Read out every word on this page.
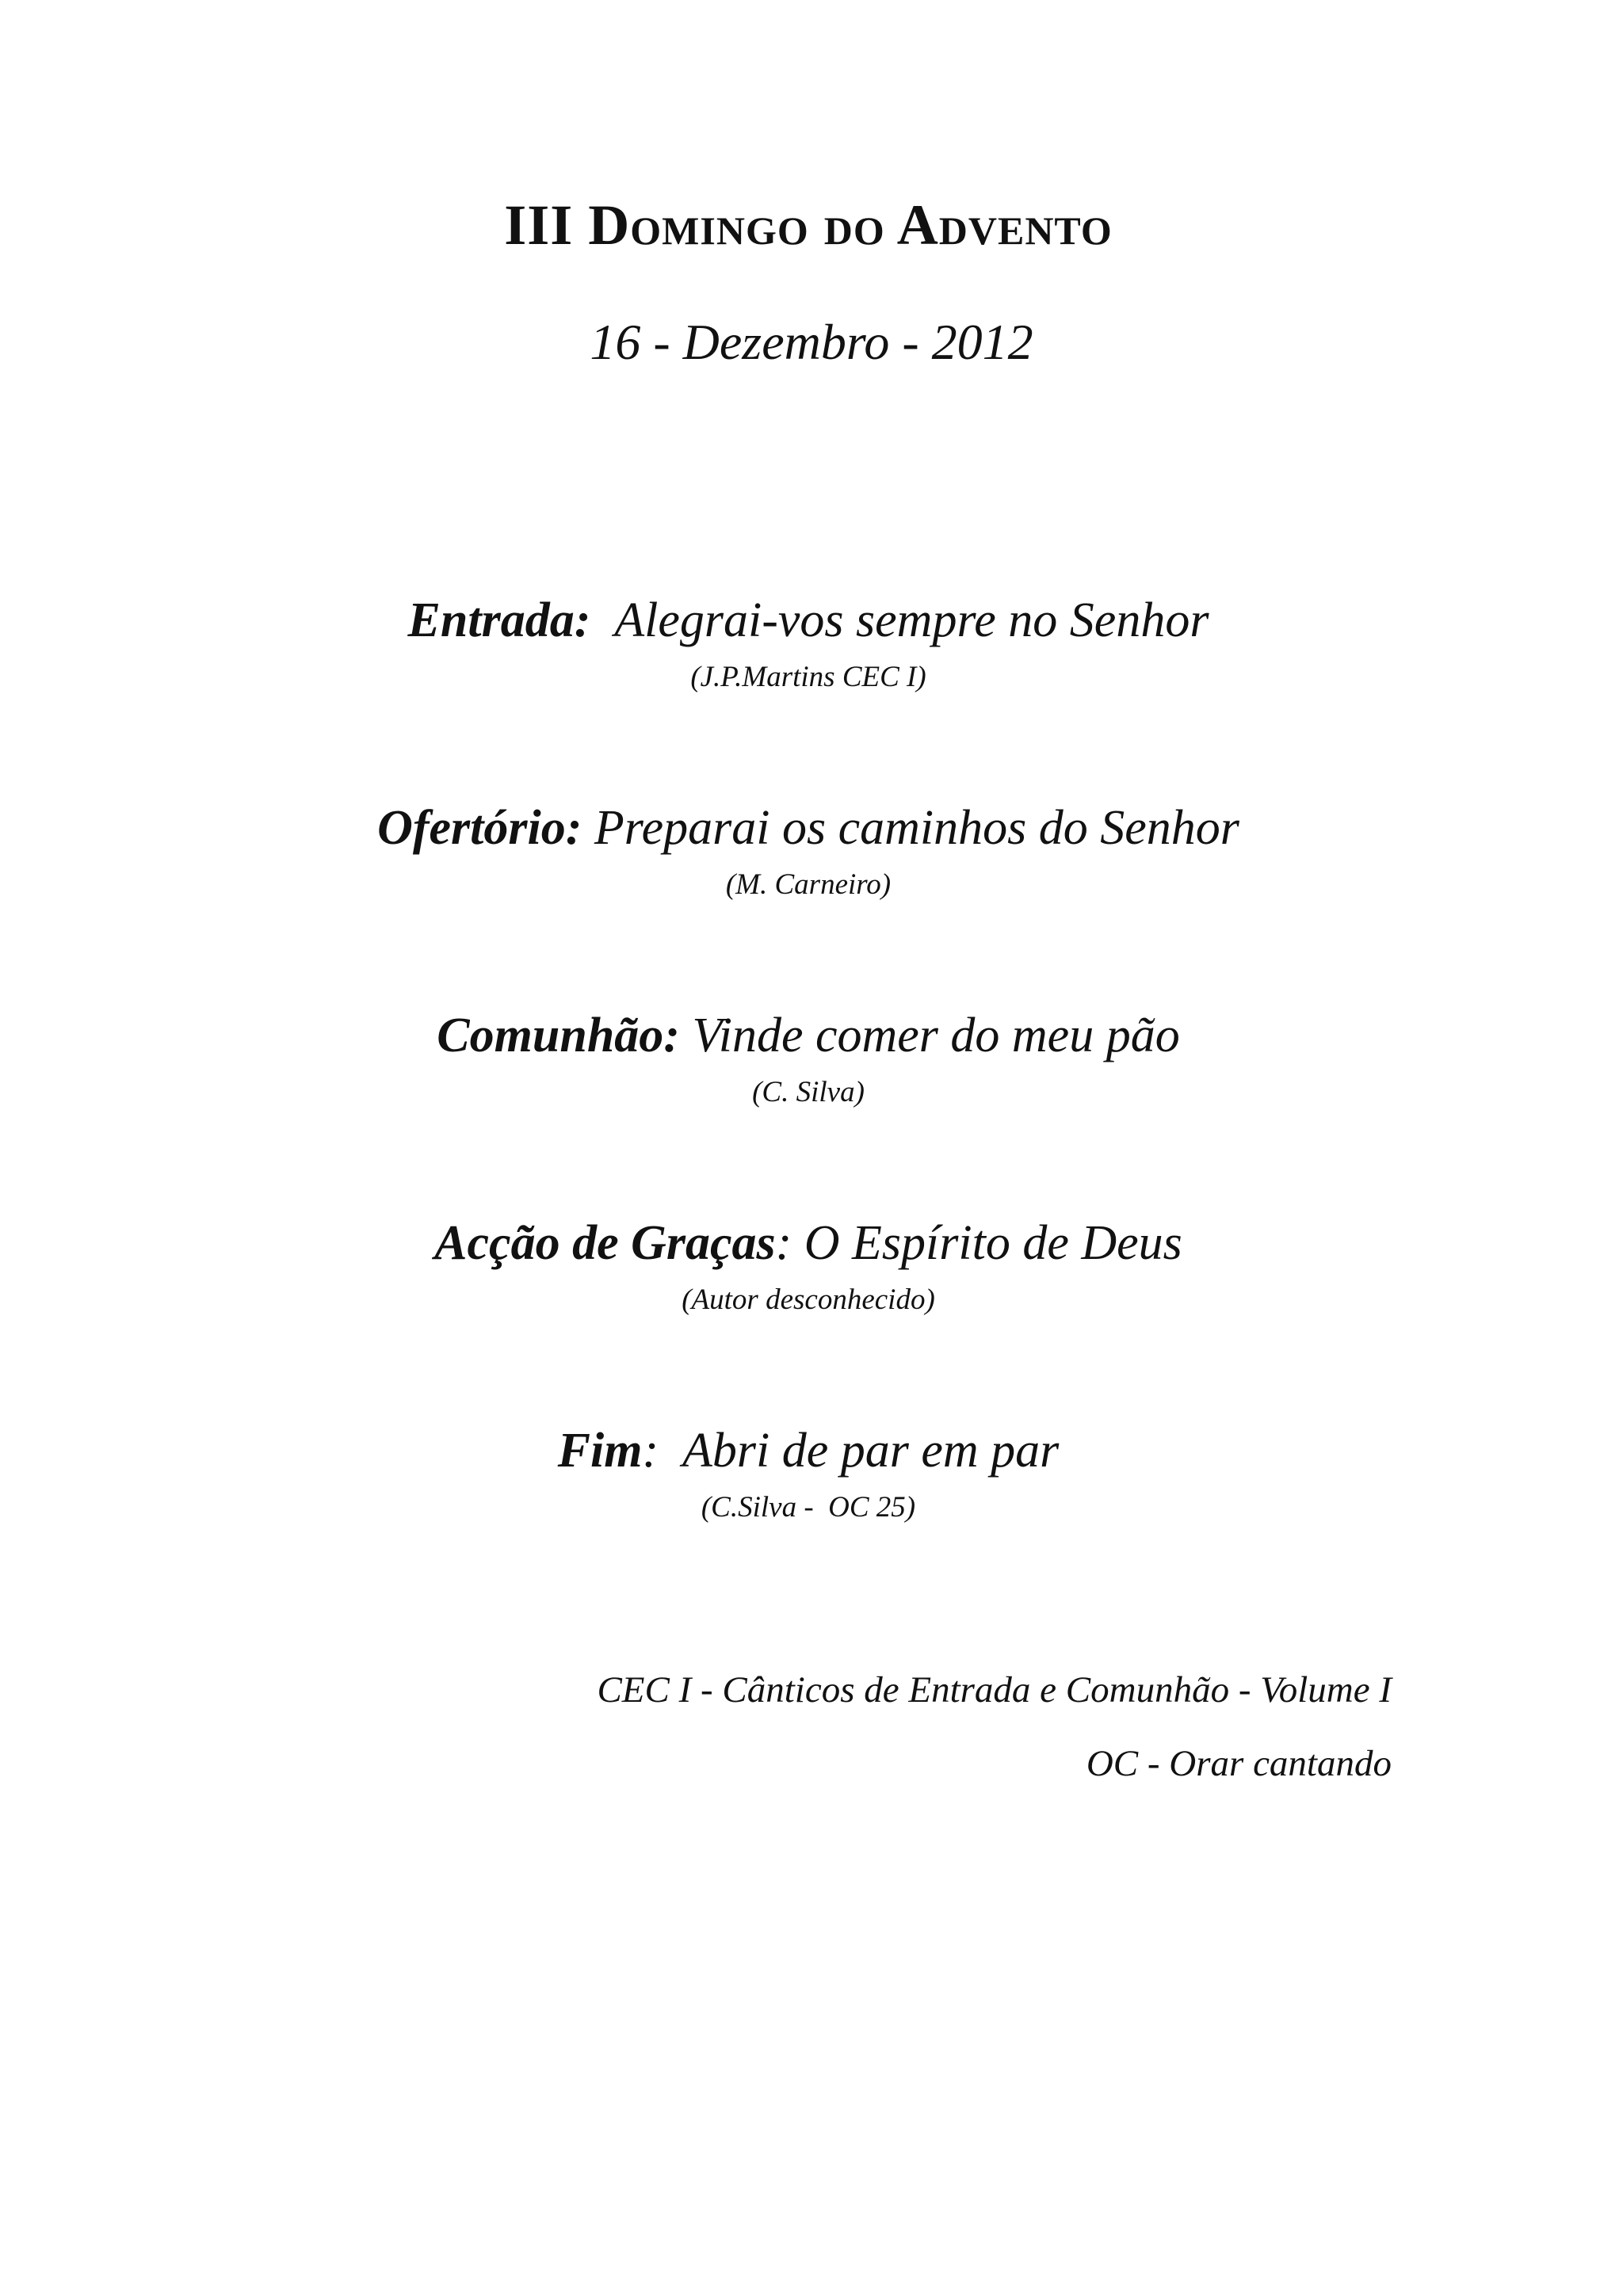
III Domingo do Advento
16 - Dezembro - 2012
Entrada:  Alegrai-vos sempre no Senhor
(J.P.Martins CEC I)
Ofertório: Preparai os caminhos do Senhor
(M. Carneiro)
Comunhão: Vinde comer do meu pão
(C. Silva)
Acção de Graças: O Espírito de Deus
(Autor desconhecido)
Fim:  Abri de par em par
(C.Silva -  OC 25)
CEC I - Cânticos de Entrada e Comunhão - Volume I
OC - Orar cantando
